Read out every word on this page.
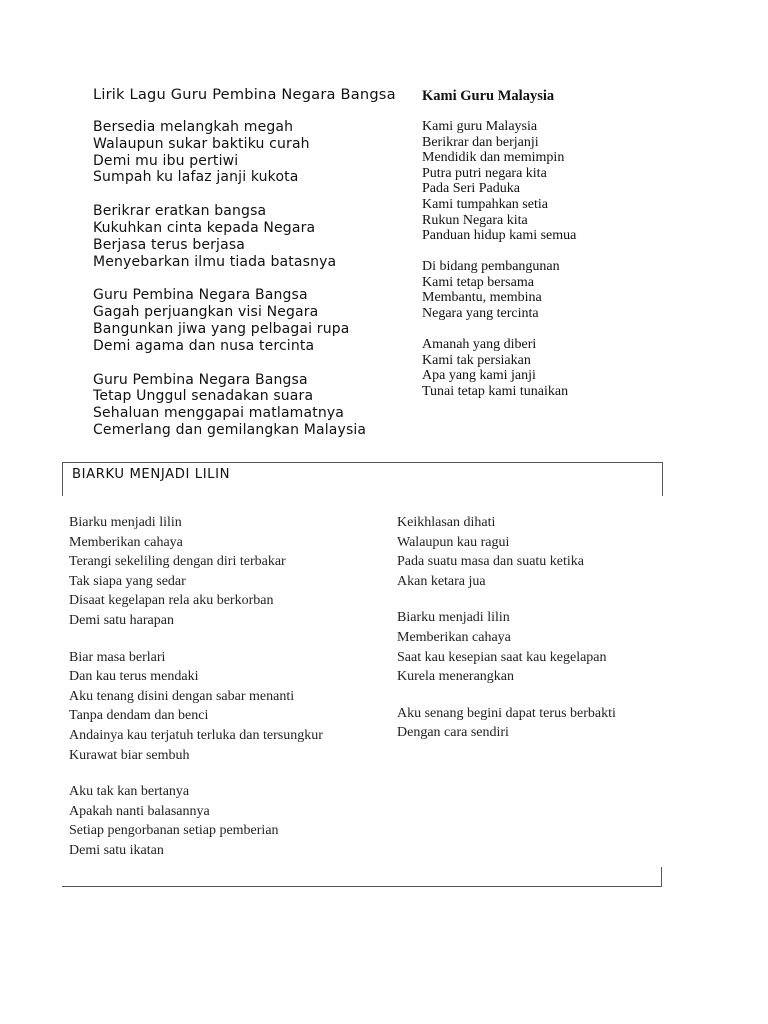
Lirik Lagu Guru Pembina Negara Bangsa
Bersedia melangkah megah
Walaupun sukar baktiku curah
Demi mu ibu pertiwi
Sumpah ku lafaz janji kukota
Berikrar eratkan bangsa
Kukuhkan cinta kepada Negara
Berjasa terus berjasa
Menyebarkan ilmu tiada batasnya
Guru Pembina Negara Bangsa
Gagah perjuangkan visi Negara
Bangunkan jiwa yang pelbagai rupa
Demi agama dan nusa tercinta
Guru Pembina Negara Bangsa
Tetap Unggul senadakan suara
Sehaluan menggapai matlamatnya
Cemerlang dan gemilangkan Malaysia
Kami Guru Malaysia
Kami guru Malaysia
Berikrar dan berjanji
Mendidik dan memimpin
Putra putri negara kita
Pada Seri Paduka
Kami tumpahkan setia
Rukun Negara kita
Panduan hidup kami semua
Di bidang pembangunan
Kami tetap bersama
Membantu, membina
Negara yang tercinta
Amanah yang diberi
Kami tak persiakan
Apa yang kami janji
Tunai tetap kami tunaikan
BIARKU MENJADI LILIN
Biarku menjadi lilin
Memberikan cahaya
Terangi sekeliling dengan diri terbakar
Tak siapa yang sedar
Disaat kegelapan rela aku berkorban
Demi satu harapan
Biar masa berlari
Dan kau terus mendaki
Aku tenang disini dengan sabar menanti
Tanpa dendam dan benci
Andainya kau terjatuh terluka dan tersungkur
Kurawat biar sembuh
Aku tak kan bertanya
Apakah nanti balasannya
Setiap pengorbanan setiap pemberian
Demi satu ikatan
Keikhlasan dihati
Walaupun kau ragui
Pada suatu masa dan suatu ketika
Akan ketara jua
Biarku menjadi lilin
Memberikan cahaya
Saat kau kesepian saat kau kegelapan
Kurela menerangkan
Aku senang begini dapat terus berbakti
Dengan cara sendiri
